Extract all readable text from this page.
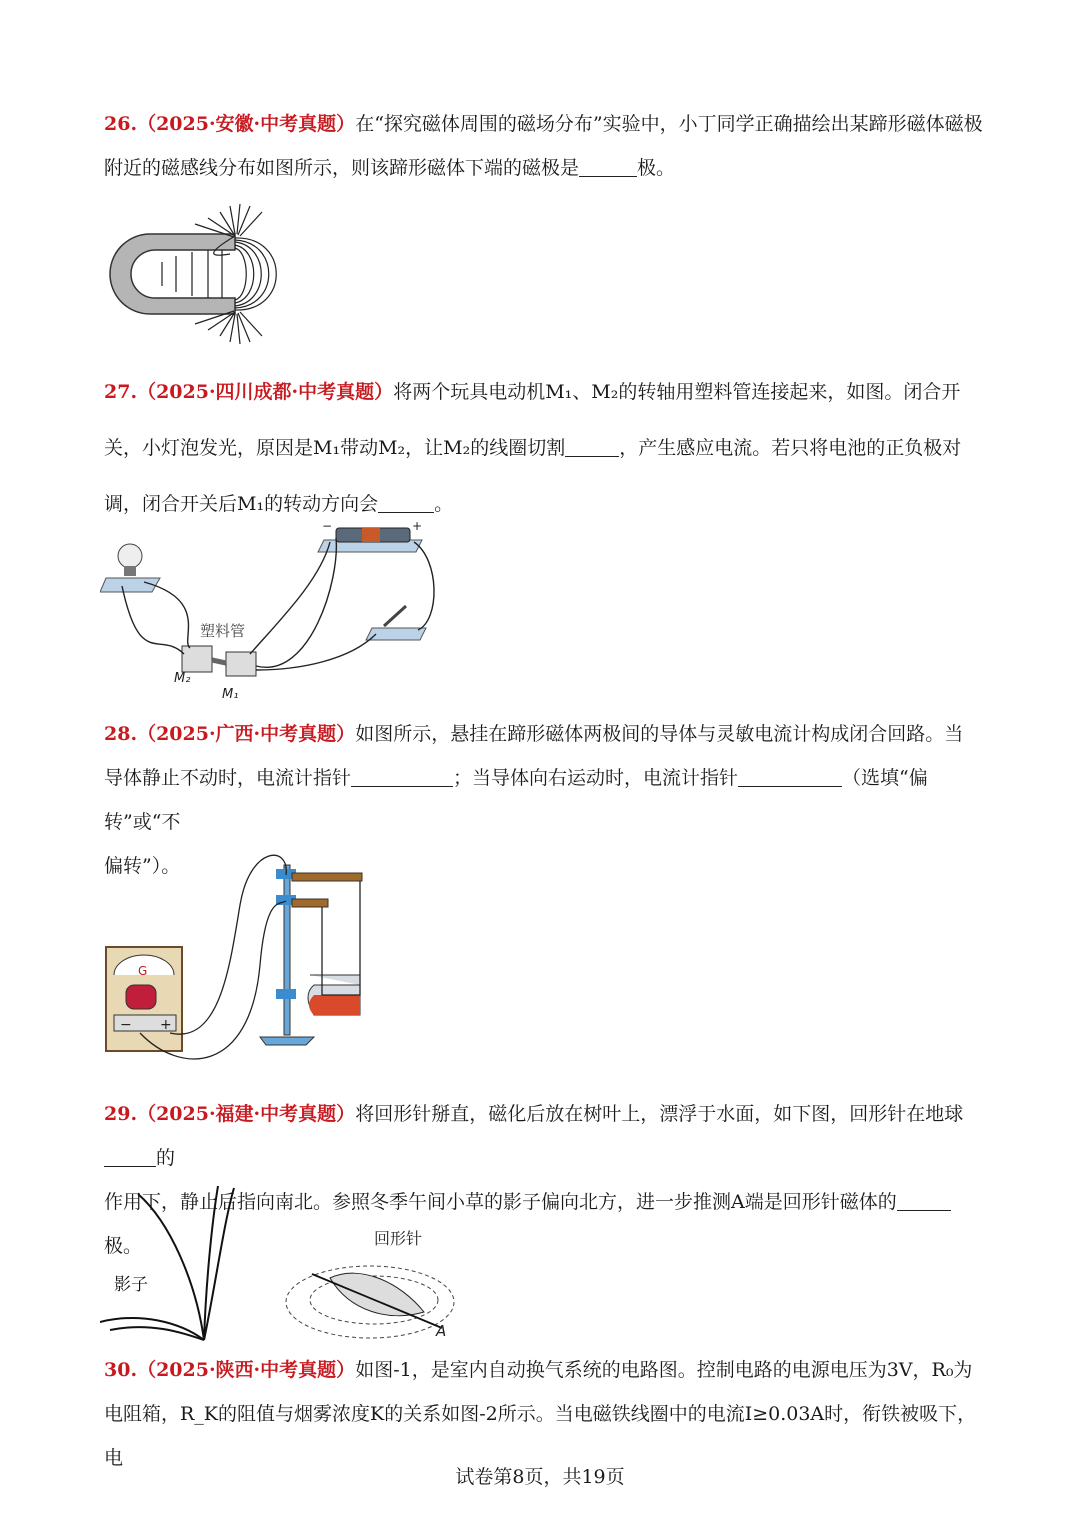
26.（2025·安徽·中考真题）在“探究磁体周围的磁场分布”实验中，小丁同学正确描绘出某蹄形磁体磁极

附近的磁感线分布如图所示，则该蹄形磁体下端的磁极是	极。

27.（2025·四川成都·中考真题）将两个玩具电动机M₁、M₂的转轴用塑料管连接起来，如图。闭合开

关，小灯泡发光，原因是M₁带动M₂，让M₂的线圈切割	，产生感应电流。若只将电池的正负极对

调，闭合开关后M₁的转动方向会	。

−	+
塑料管
M₂
M₁

28.（2025·广西·中考真题）如图所示，悬挂在蹄形磁体两极间的导体与灵敏电流计构成闭合回路。当

导体静止不动时，电流计指针	；当导体向右运动时，电流计指针	（选填“偏转”或“不

偏转”）。

G
− +

29.（2025·福建·中考真题）将回形针掰直，磁化后放在树叶上，漂浮于水面，如下图，回形针在地球的

作用下，静止后指向南北。参照冬季午间小草的影子偏向北方，进一步推测A端是回形针磁体的极。

影子
回形针
A

30.（2025·陕西·中考真题）如图-1，是室内自动换气系统的电路图。控制电路的电源电压为3V，R₀为

电阻箱，R_K的阻值与烟雾浓度K的关系如图-2所示。当电磁铁线圈中的电流I≥0.03A时，衔铁被吸下，电

试卷第8页，共19页
